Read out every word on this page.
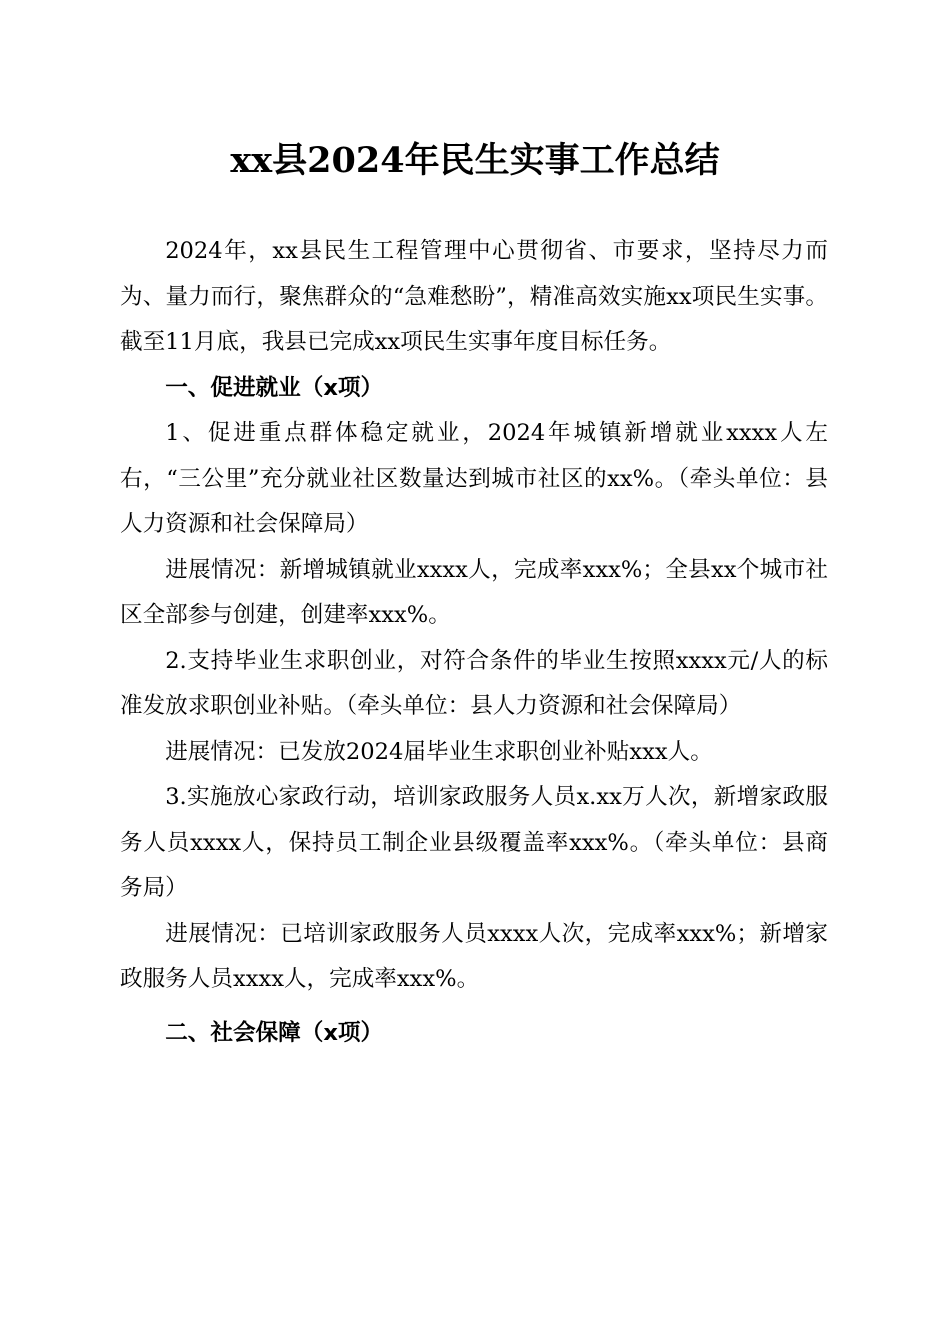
xx县2024年民生实事工作总结

2024年，xx县民生工程管理中心贯彻省、市要求，坚持尽力而为、量力而行，聚焦群众的“急难愁盼”，精准高效实施xx项民生实事。截至11月底，我县已完成xx项民生实事年度目标任务。

一、促进就业（x项）

1、促进重点群体稳定就业，2024年城镇新增就业xxxx人左右，“三公里”充分就业社区数量达到城市社区的xx%。（牵头单位：县人力资源和社会保障局）

进展情况：新增城镇就业xxxx人，完成率xxx%；全县xx个城市社区全部参与创建，创建率xxx%。

2.支持毕业生求职创业，对符合条件的毕业生按照xxxx元/人的标准发放求职创业补贴。（牵头单位：县人力资源和社会保障局）

进展情况：已发放2024届毕业生求职创业补贴xxx人。

3.实施放心家政行动，培训家政服务人员x.xx万人次，新增家政服务人员xxxx人，保持员工制企业县级覆盖率xxx%。（牵头单位：县商务局）

进展情况：已培训家政服务人员xxxx人次，完成率xxx%；新增家政服务人员xxxx人，完成率xxx%。

二、社会保障（x项）
